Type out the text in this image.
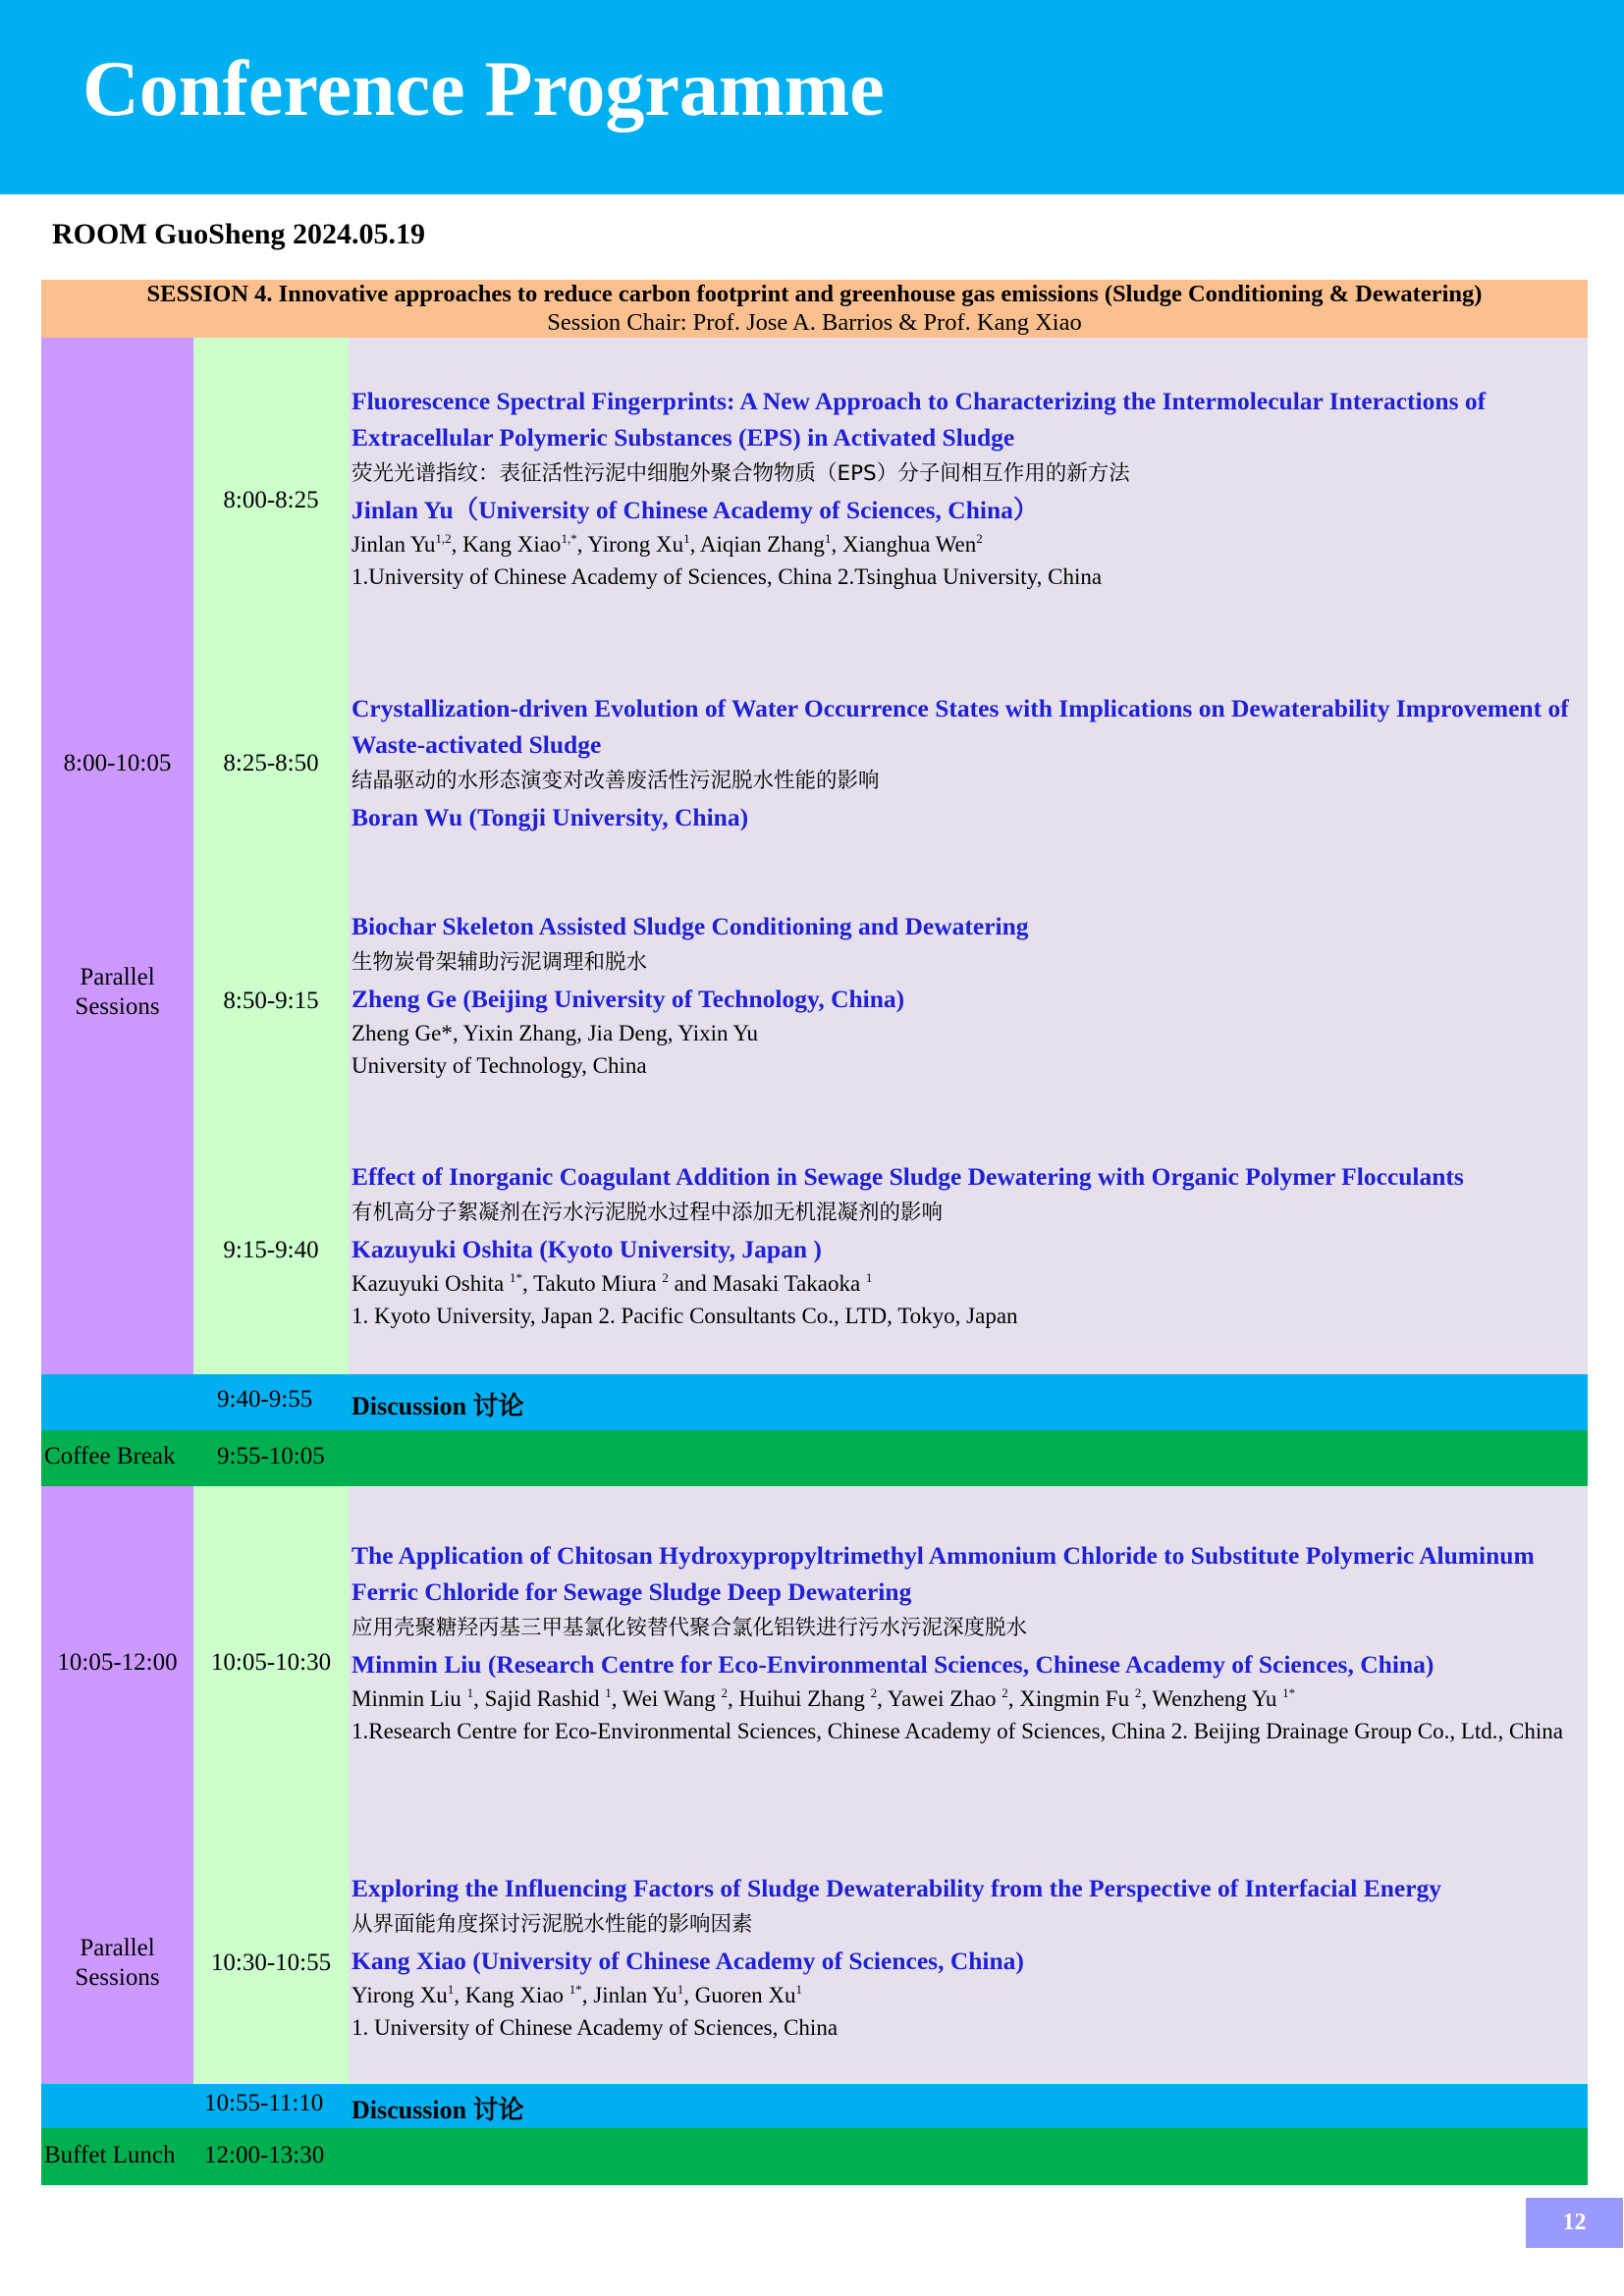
Conference Programme
ROOM GuoSheng 2024.05.19
SESSION 4. Innovative approaches to reduce carbon footprint and greenhouse gas emissions (Sludge Conditioning & Dewatering)
Session Chair: Prof. Jose A. Barrios & Prof. Kang Xiao
8:00-10:05
Parallel
Sessions
8:00-8:25
Fluorescence Spectral Fingerprints: A New Approach to Characterizing the Intermolecular Interactions of Extracellular Polymeric Substances (EPS) in Activated Sludge
荧光光谱指纹：表征活性污泥中细胞外聚合物物质（EPS）分子间相互作用的新方法
Jinlan Yu（University of Chinese Academy of Sciences, China）
Jinlan Yu$^{1,2}$, Kang Xiao$^{1,*}$, Yirong Xu$^1$, Aiqian Zhang$^1$, Xianghua Wen$^2$
1.University of Chinese Academy of Sciences, China 2.Tsinghua University, China
8:25-8:50
Crystallization-driven Evolution of Water Occurrence States with Implications on Dewaterability Improvement of Waste-activated Sludge
结晶驱动的水形态演变对改善废活性污泥脱水性能的影响
Boran Wu (Tongji University, China)
8:50-9:15
Biochar Skeleton Assisted Sludge Conditioning and Dewatering
生物炭骨架辅助污泥调理和脱水
Zheng Ge (Beijing University of Technology, China)
Zheng Ge*, Yixin Zhang, Jia Deng, Yixin Yu
University of Technology, China
9:15-9:40
Effect of Inorganic Coagulant Addition in Sewage Sludge Dewatering with Organic Polymer Flocculants
有机高分子絮凝剂在污水污泥脱水过程中添加无机混凝剂的影响
Kazuyuki Oshita (Kyoto University, Japan )
Kazuyuki Oshita $^{1*}$, Takuto Miura $^2$ and Masaki Takaoka $^1$
1. Kyoto University, Japan 2. Pacific Consultants Co., LTD, Tokyo, Japan
9:40-9:55 Discussion 讨论
Coffee Break 9:55-10:05
10:05-12:00
Parallel
Sessions
10:05-10:30
The Application of Chitosan Hydroxypropyltrimethyl Ammonium Chloride to Substitute Polymeric Aluminum Ferric Chloride for Sewage Sludge Deep Dewatering
应用壳聚糖羟丙基三甲基氯化铵替代聚合氯化铝铁进行污水污泥深度脱水
Minmin Liu (Research Centre for Eco-Environmental Sciences, Chinese Academy of Sciences, China)
Minmin Liu $^1$, Sajid Rashid $^1$, Wei Wang $^2$, Huihui Zhang $^2$, Yawei Zhao $^2$, Xingmin Fu $^2$, Wenzheng Yu $^{1*}$
1.Research Centre for Eco-Environmental Sciences, Chinese Academy of Sciences, China 2. Beijing Drainage Group Co., Ltd., China
10:30-10:55
Exploring the Influencing Factors of Sludge Dewaterability from the Perspective of Interfacial Energy
从界面能角度探讨污泥脱水性能的影响因素
Kang Xiao (University of Chinese Academy of Sciences, China)
Yirong Xu$^1$, Kang Xiao $^{1*}$, Jinlan Yu$^1$, Guoren Xu$^1$
1. University of Chinese Academy of Sciences, China
10:55-11:10 Discussion 讨论
Buffet Lunch 12:00-13:30
12
